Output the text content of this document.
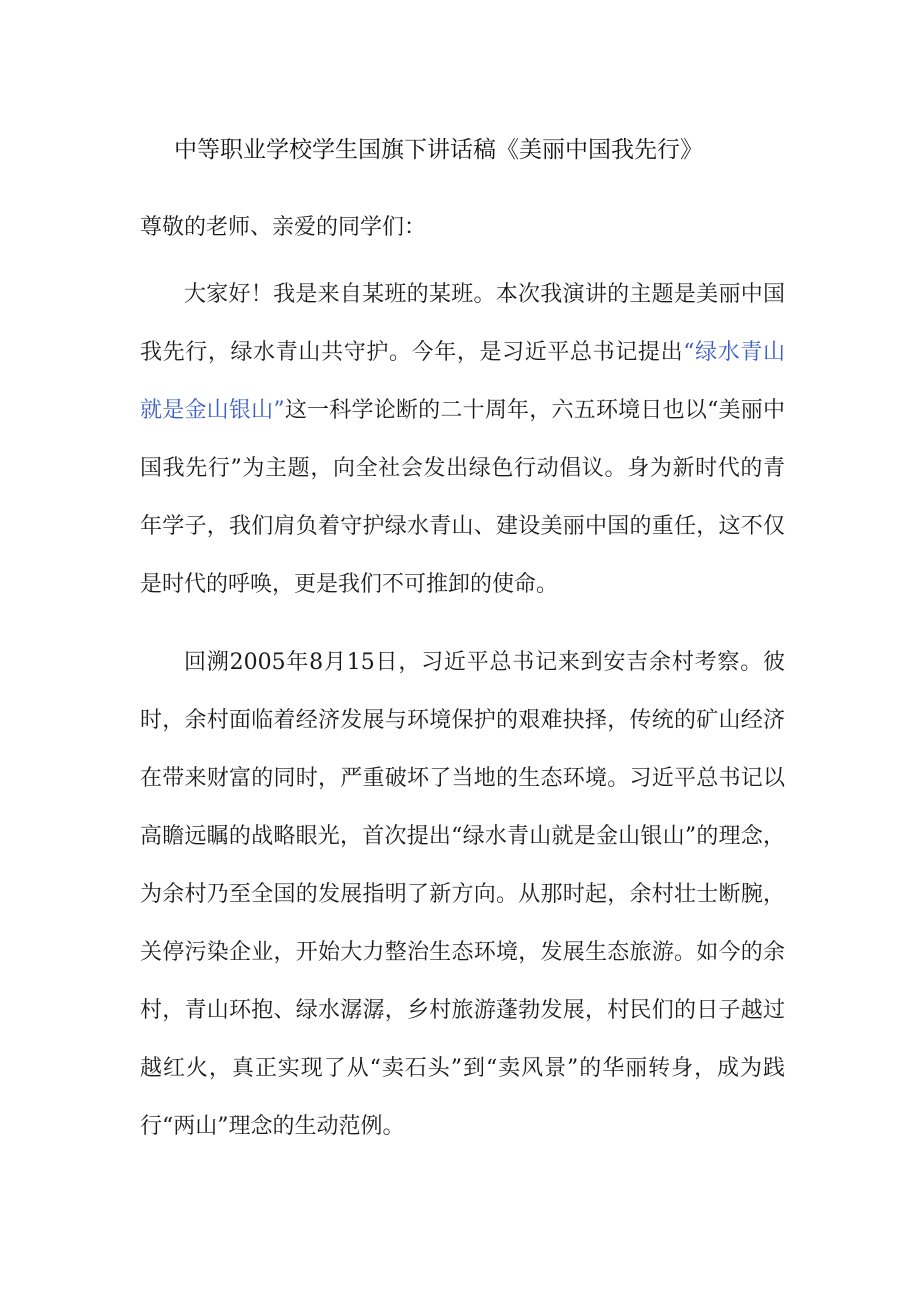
中等职业学校学生国旗下讲话稿《美丽中国我先行》

尊敬的老师、亲爱的同学们：

大家好！我是来自某班的某班。本次我演讲的主题是美丽中国我先行，绿水青山共守护。今年，是习近平总书记提出“绿水青山就是金山银山”这一科学论断的二十周年，六五环境日也以“美丽中国我先行”为主题，向全社会发出绿色行动倡议。身为新时代的青年学子，我们肩负着守护绿水青山、建设美丽中国的重任，这不仅是时代的呼唤，更是我们不可推卸的使命。

回溯2005年8月15日，习近平总书记来到安吉余村考察。彼时，余村面临着经济发展与环境保护的艰难抉择，传统的矿山经济在带来财富的同时，严重破坏了当地的生态环境。习近平总书记以高瞻远瞩的战略眼光，首次提出“绿水青山就是金山银山”的理念，为余村乃至全国的发展指明了新方向。从那时起，余村壮士断腕，关停污染企业，开始大力整治生态环境，发展生态旅游。如今的余村，青山环抱、绿水潺潺，乡村旅游蓬勃发展，村民们的日子越过越红火，真正实现了从“卖石头”到“卖风景”的华丽转身，成为践行“两山”理念的生动范例。
